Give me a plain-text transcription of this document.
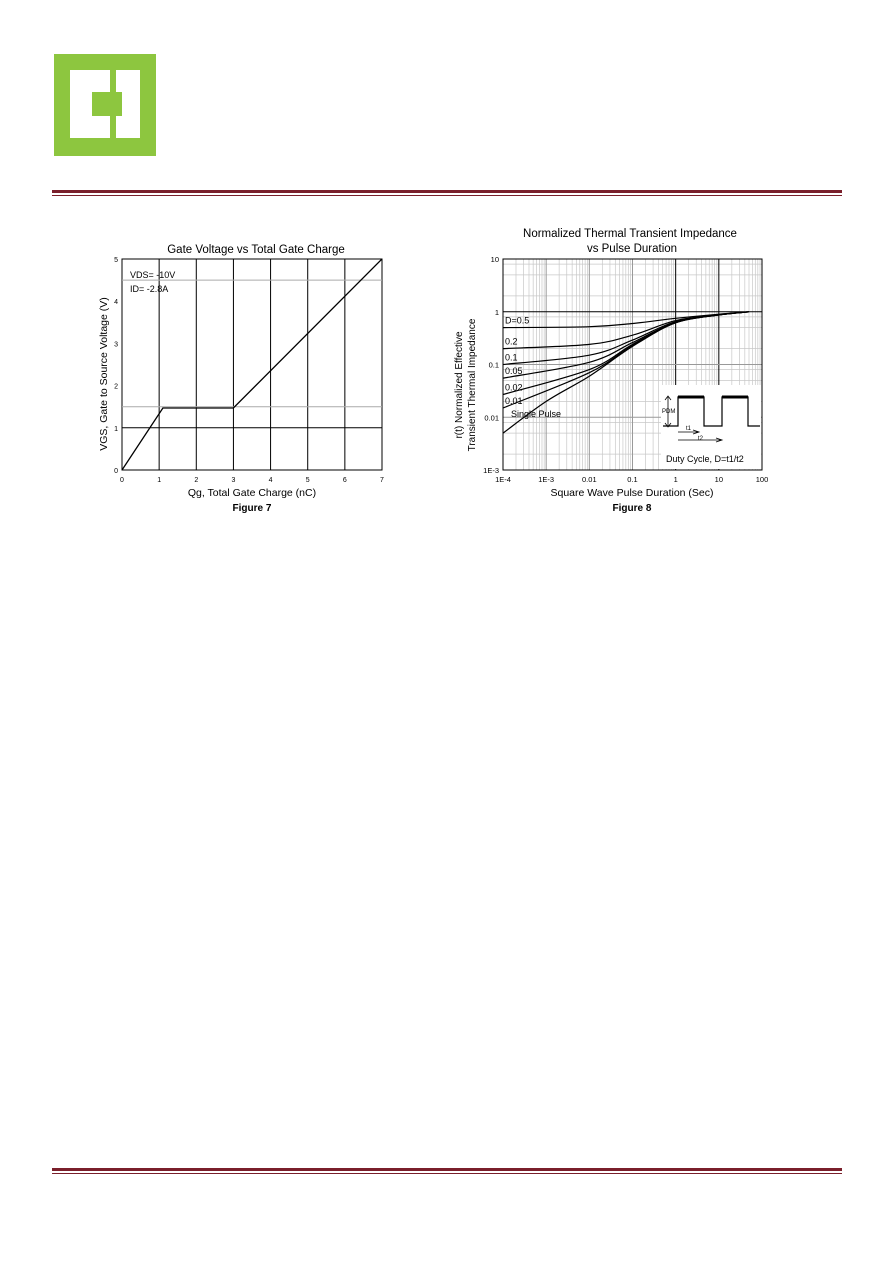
Gate Voltage vs Total Gate Charge
0	1	2	3	4	5	6	7
0
1
2
3
4
5
VDS= -10V
ID= -2.8A
Qg, Total Gate Charge (nC)
VGS, Gate to Source Voltage (V)
Figure 7
Normalized Thermal Transient Impedance
vs Pulse Duration
1E-4	1E-3	0.01	0.1	1	10	100
1E-3
0.01
0.1
1
10
D=0.5
0.2
0.1
0.05
0.02
0.01
Single Pulse	PDM
t1
t2
Duty Cycle, D=t1/t2
Square Wave Pulse Duration (Sec)
r(t) Normalized Effective Transient Thermal Impedance
Figure 8
